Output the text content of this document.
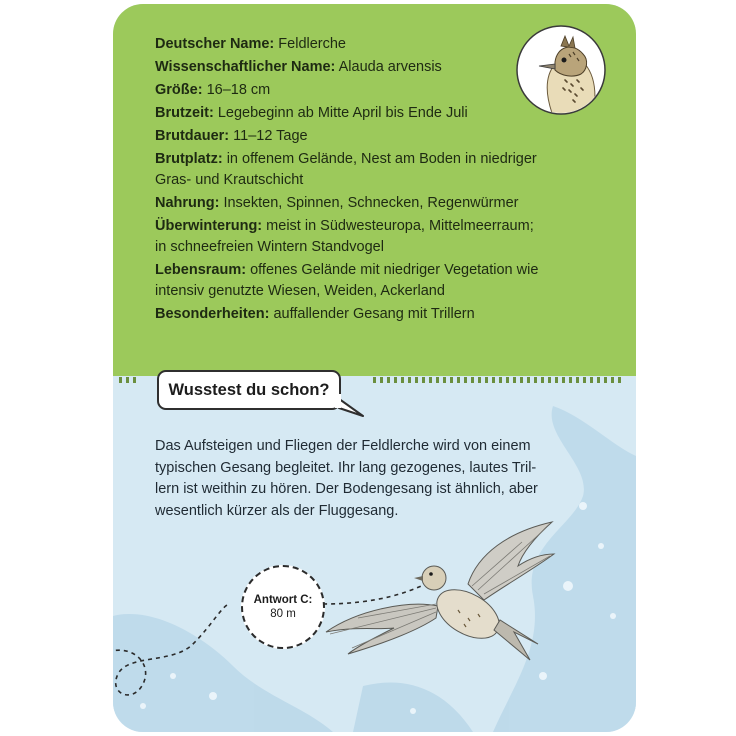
Deutscher Name: Feldlerche
Wissenschaftlicher Name: Alauda arvensis
Größe: 16–18 cm
Brutzeit: Legebeginn ab Mitte April bis Ende Juli
Brutdauer: 11–12 Tage
Brutplatz: in offenem Gelände, Nest am Boden in niedriger
Gras- und Krautschicht
Nahrung: Insekten, Spinnen, Schnecken, Regenwürmer
Überwinterung: meist in Südwesteuropa, Mittelmeerraum;
in schneefreien Wintern Standvogel
Lebensraum: offenes Gelände mit niedriger Vegetation wie
intensiv genutzte Wiesen, Weiden, Ackerland
Besonderheiten: auffallender Gesang mit Trillern
Wusstest du schon?

Das Aufsteigen und Fliegen der Feldlerche wird von einem

typischen Gesang begleitet. Ihr lang gezogenes, lautes Tril-

lern ist weithin zu hören. Der Bodengesang ist ähnlich, aber

wesentlich kürzer als der Fluggesang.

Antwort C:
80 m
